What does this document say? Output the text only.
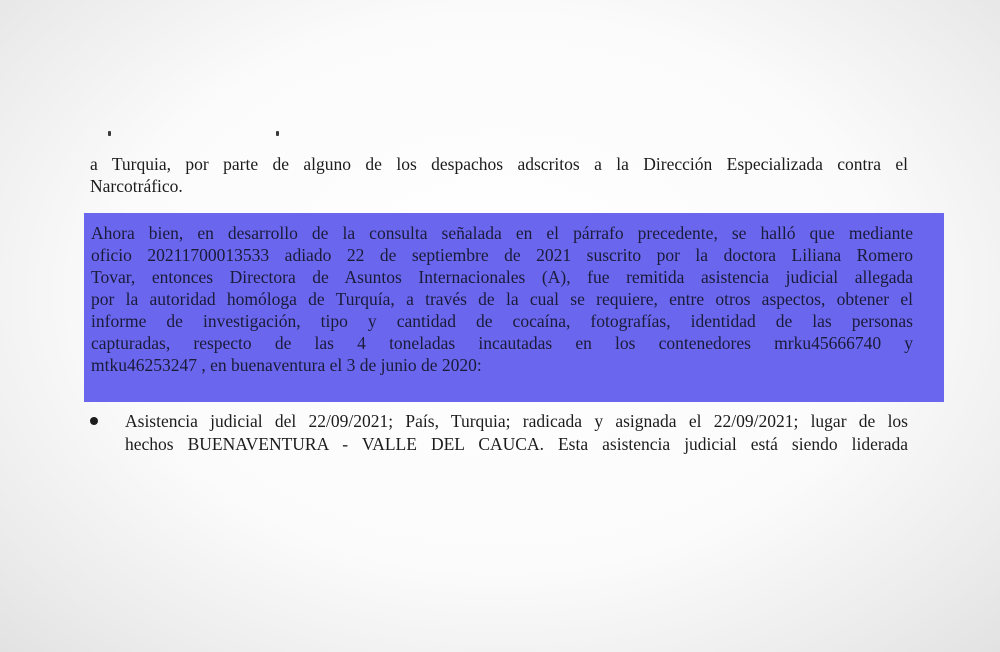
a Turquia, por parte de alguno de los despachos adscritos a la Dirección Especializada contra el
Narcotráfico.
Ahora bien, en desarrollo de la consulta señalada en el párrafo precedente, se halló que mediante
oficio 20211700013533 adiado 22 de septiembre de 2021 suscrito por la doctora Liliana Romero
Tovar, entonces Directora de Asuntos Internacionales (A), fue remitida asistencia judicial allegada
por la autoridad homóloga de Turquía, a través de la cual se requiere, entre otros aspectos, obtener el
informe de investigación, tipo y cantidad de cocaína, fotografías, identidad de las personas
capturadas, respecto de las 4 toneladas incautadas en los contenedores mrku45666740 y
mtku46253247 , en buenaventura el 3 de junio de 2020:
Asistencia judicial del 22/09/2021; País, Turquia; radicada y asignada el 22/09/2021; lugar de los
hechos BUENAVENTURA - VALLE DEL CAUCA. Esta asistencia judicial está siendo liderada
